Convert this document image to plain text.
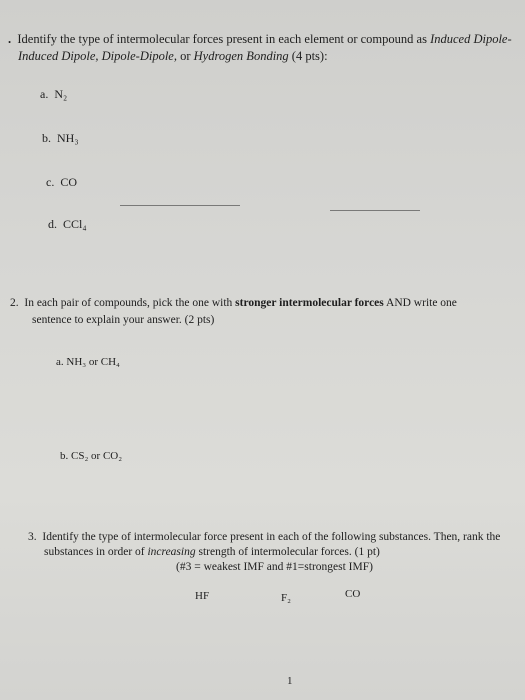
. Identify the type of intermolecular forces present in each element or compound as Induced Dipole-
Induced Dipole, Dipole-Dipole, or Hydrogen Bonding (4 pts):
a. N₂
b. NH₃
c. CO
d. CCl₄
2. In each pair of compounds, pick the one with stronger intermolecular forces AND write one
sentence to explain your answer. (2 pts)
a. NH₃ or CH₄
b. CS₂ or CO₂
3. Identify the type of intermolecular force present in each of the following substances. Then, rank the
substances in order of increasing strength of intermolecular forces. (1 pt)
(#3 = weakest IMF and #1=strongest IMF)
HF	F₂	CO
1
